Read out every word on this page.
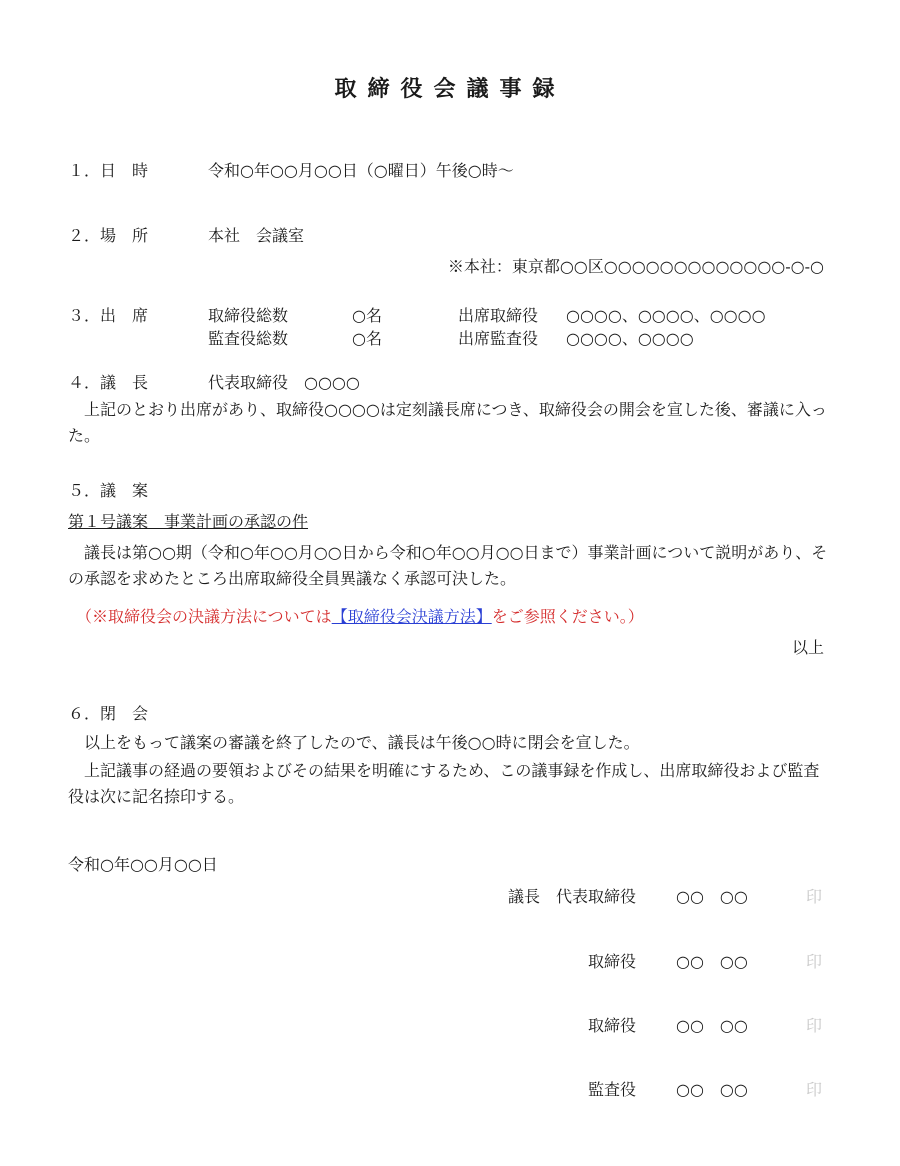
取締役会議事録
１．日　時	令和○年○○月○○日（○曜日）午後○時～
２．場　所	本社　会議室
※本社：東京都○○区○○○○○○○○○○○○○-○-○
３．出　席	取締役総数	○名	出席取締役 ○○○○、○○○○、○○○○
監査役総数	○名	出席監査役 ○○○○、○○○○
４．議　長	代表取締役　○○○○
上記のとおり出席があり、取締役○○○○は定刻議長席につき、取締役会の開会を宣した後、審議に入った。
５．議　案
第１号議案　事業計画の承認の件
議長は第○○期（令和○年○○月○○日から令和○年○○月○○日まで）事業計画について説明があり、その承認を求めたところ出席取締役全員異議なく承認可決した。
（※取締役会の決議方法については【取締役会決議方法】をご参照ください。）
以上
６．閉　会
以上をもって議案の審議を終了したので、議長は午後○○時に閉会を宣した。
上記議事の経過の要領およびその結果を明確にするため、この議事録を作成し、出席取締役および監査役は次に記名捺印する。
令和○年○○月○○日
議長　代表取締役	○○　○○	印
取締役	○○　○○	印
取締役	○○　○○	印
監査役	○○　○○	印
